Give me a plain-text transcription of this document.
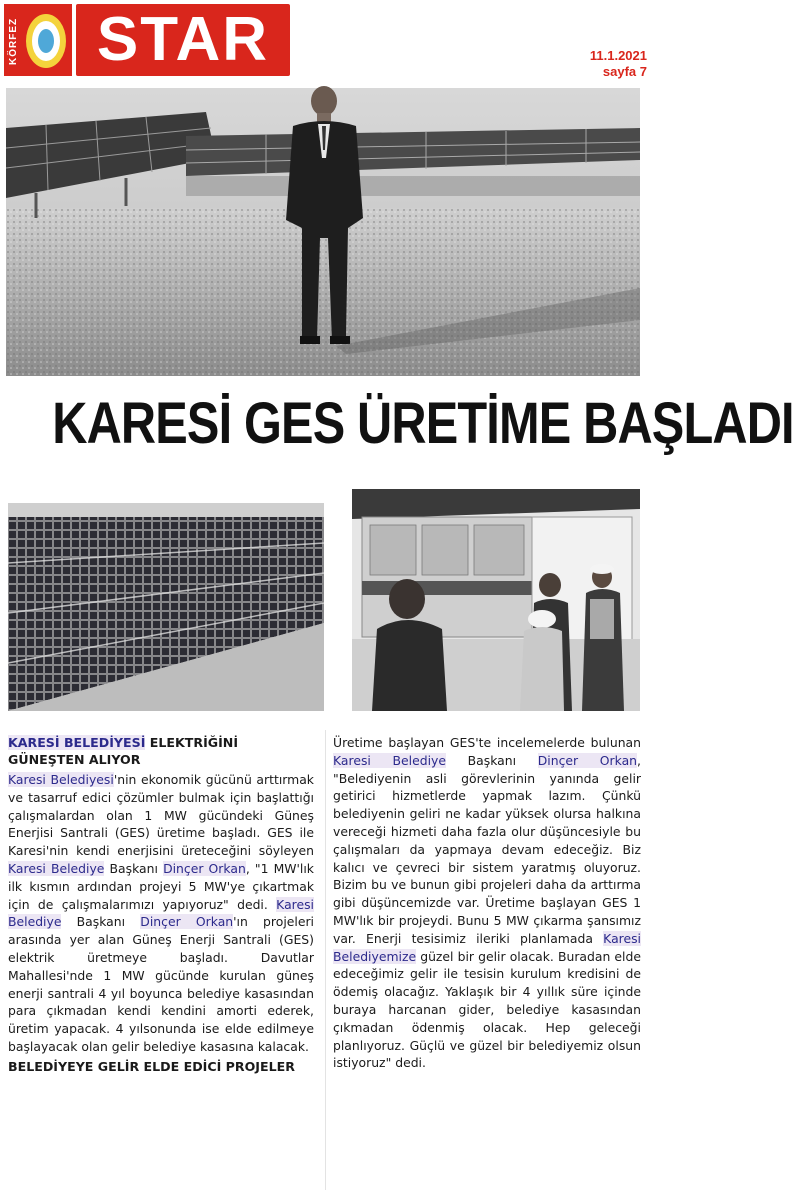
KÖRFEZ	STAR	11.1.2021
sayfa 7
KARESİ GES ÜRETİME BAŞLADI
KARESİ BELEDİYESİ ELEKTRİĞİNİ GÜNEŞTEN ALIYOR

Karesi Belediyesi'nin ekonomik gücünü arttırmak ve tasarruf edici çözümler bulmak için başlattığı çalışmalardan olan 1 MW gücündeki Güneş Enerjisi Santrali (GES) üretime başladı. GES ile Karesi'nin kendi enerjisini üreteceğini söyleyen Karesi Belediye Başkanı Dinçer Orkan, "1 MW'lık ilk kısmın ardından projeyi 5 MW'ye çıkartmak için de çalışmalarımızı yapıyoruz" dedi. Karesi Belediye Başkanı Dinçer Orkan'ın projeleri arasında yer alan Güneş Enerji Santrali (GES) elektrik üretmeye başladı. Davutlar Mahallesi'nde 1 MW gücünde kurulan güneş enerji santrali 4 yıl boyunca belediye kasasından para çıkmadan kendi kendini amorti ederek, üretim yapacak. 4 yılsonunda ise elde edilmeye başlayacak olan gelir belediye kasasına kalacak.

BELEDİYEYE GELİR ELDE EDİCİ PROJELER

Üretime başlayan GES'te incelemelerde bulunan Karesi Belediye Başkanı Dinçer Orkan, "Belediyenin asli görevlerinin yanında gelir getirici hizmetlerde yapmak lazım. Çünkü belediyenin geliri ne kadar yüksek olursa halkına vereceği hizmeti daha fazla olur düşüncesiyle bu çalışmaları da yapmaya devam edeceğiz. Biz kalıcı ve çevreci bir sistem yaratmış oluyoruz. Bizim bu ve bunun gibi projeleri daha da arttırma gibi düşüncemizde var. Üretime başlayan GES 1 MW'lık bir projeydi. Bunu 5 MW çıkarma şansımız var. Enerji tesisimiz ileriki planlamada Karesi Belediyemize güzel bir gelir olacak. Buradan elde edeceğimiz gelir ile tesisin kurulum kredisini de ödemiş olacağız. Yaklaşık bir 4 yıllık süre içinde buraya harcanan gider, belediye kasasından çıkmadan ödenmiş olacak. Hep geleceği planlıyoruz. Güçlü ve güzel bir belediyemiz olsun istiyoruz" dedi.
